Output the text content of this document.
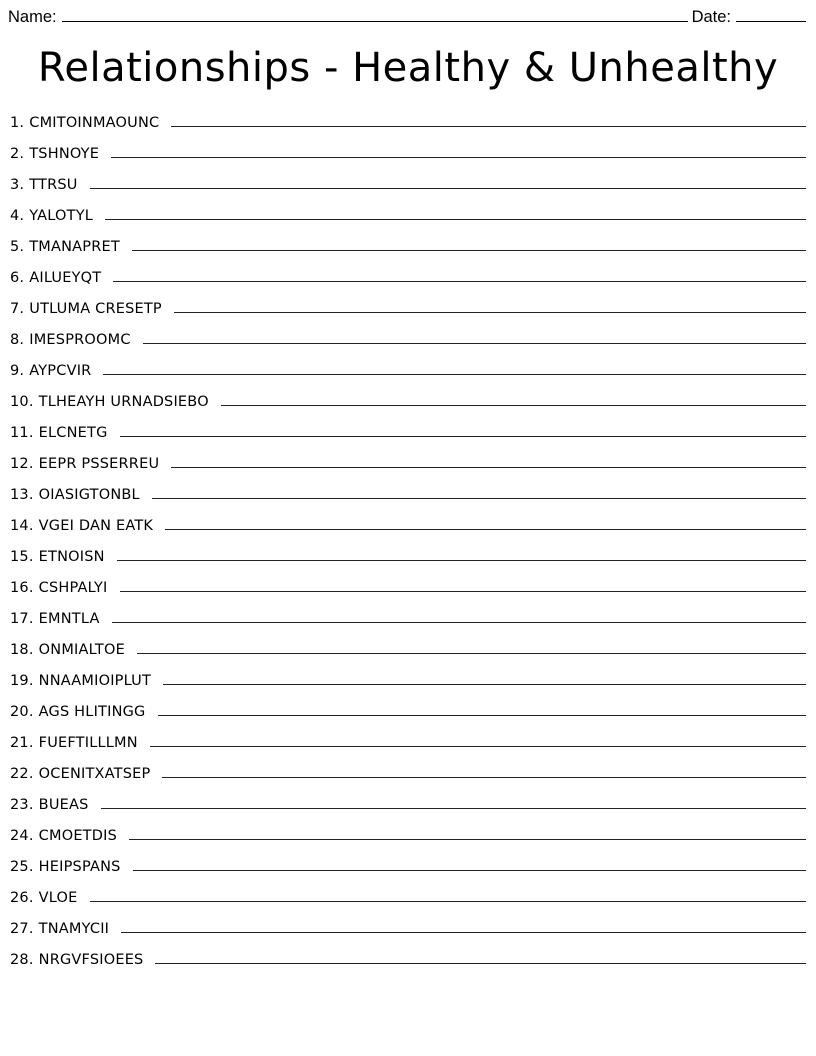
Name:	Date:
Relationships - Healthy & Unhealthy
1. CMITOINMAOUNC
2. TSHNOYE
3. TTRSU
4. YALOTYL
5. TMANAPRET
6. AILUEYQT
7. UTLUMA CRESETP
8. IMESPROOMC
9. AYPCVIR
10. TLHEAYH URNADSIEBO
11. ELCNETG
12. EEPR PSSERREU
13. OIASIGTONBL
14. VGEI DAN EATK
15. ETNOISN
16. CSHPALYI
17. EMNTLA
18. ONMIALTOE
19. NNAAMIOIPLUT
20. AGS HLITINGG
21. FUEFTILLLMN
22. OCENITXATSEP
23. BUEAS
24. CMOETDIS
25. HEIPSPANS
26. VLOE
27. TNAMYCII
28. NRGVFSIOEES
